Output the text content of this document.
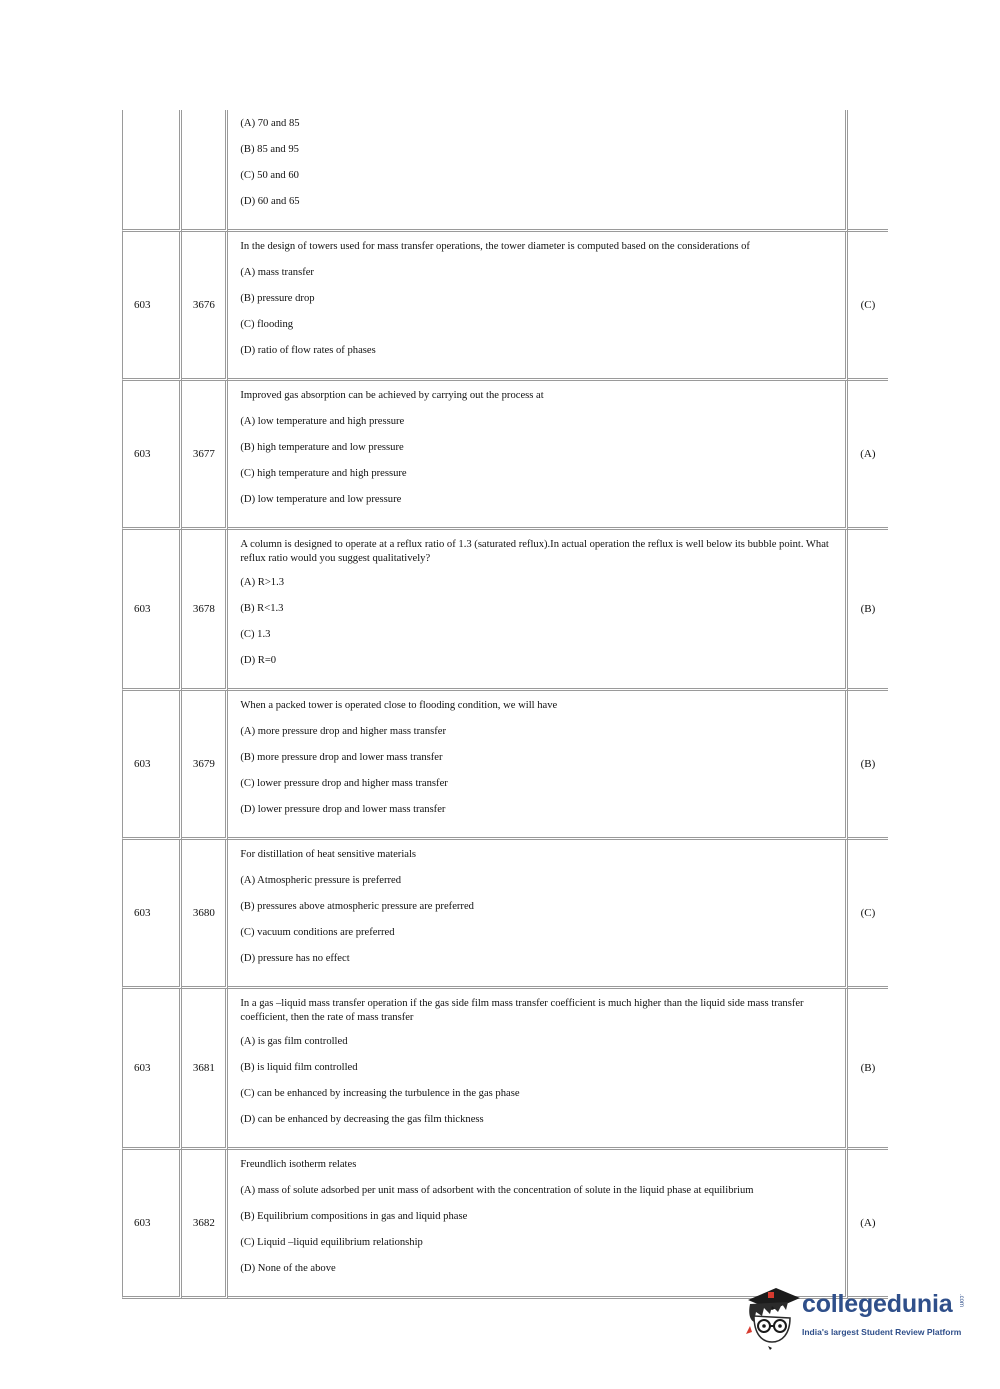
		(A) 70 and 85

(B) 85 and 95

(C) 50 and 60

(D) 60 and 65	

603	3676	In the design of towers used for mass transfer operations, the tower diameter is computed based on the considerations of

(A) mass transfer

(B) pressure drop

(C) flooding

(D) ratio of flow rates of phases	(C)
603	3677	Improved gas absorption can be achieved by carrying out the process at

(A) low temperature and high pressure

(B) high temperature and low pressure

(C) high temperature and high pressure

(D) low temperature and low pressure	(A)
603	3678	A column is designed to operate at a reflux ratio of 1.3 (saturated reflux).In actual operation the reflux is well below its bubble point. What reflux ratio would you suggest qualitatively?

(A) R>1.3

(B) R<1.3

(C) 1.3

(D) R=0	(B)
603	3679	When a packed tower is operated close to flooding condition, we will have

(A) more pressure drop and higher mass transfer

(B) more pressure drop and lower mass transfer

(C) lower pressure drop and higher mass transfer

(D) lower pressure drop and lower mass transfer	(B)
603	3680	For distillation of heat sensitive materials

(A) Atmospheric pressure is preferred

(B) pressures above atmospheric pressure are preferred

(C) vacuum conditions are preferred

(D) pressure has no effect	(C)
603	3681	In a gas –liquid mass transfer operation if the gas side film mass transfer coefficient is much higher than the liquid side mass transfer coefficient, then the rate of mass transfer

(A) is gas film controlled

(B) is liquid film controlled

(C) can be enhanced by increasing the turbulence in the gas phase

(D) can be enhanced by decreasing the gas film thickness	(B)
603	3682	Freundlich isotherm relates

(A) mass of solute adsorbed per unit mass of adsorbent with the concentration of solute in the liquid phase at equilibrium

(B) Equilibrium compositions in gas and liquid phase

(C) Liquid –liquid equilibrium relationship

(D) None of the above	(A)
collegedunia .com
India's largest Student Review Platform
